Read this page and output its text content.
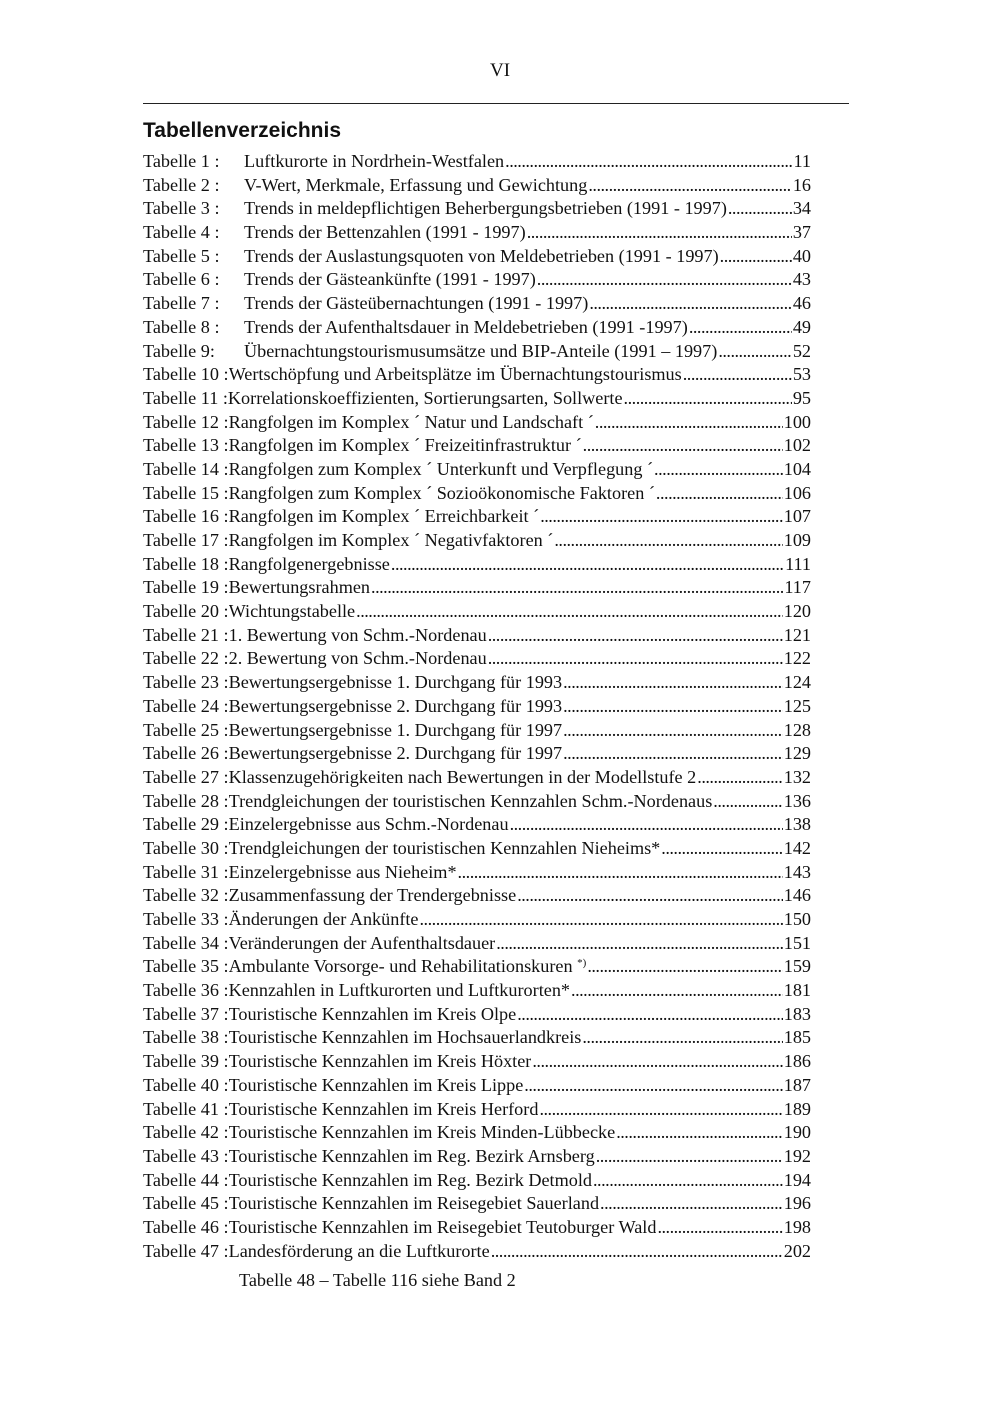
VI
Tabellenverzeichnis
Tabelle 1 :	Luftkurorte in Nordrhein-Westfalen .....	11
Tabelle 2 :	V-Wert, Merkmale, Erfassung und Gewichtung .....	16
Tabelle 3 :	Trends in meldepflichtigen Beherbergungsbetrieben (1991 - 1997) .....	34
Tabelle 4 :	Trends der Bettenzahlen (1991 - 1997) .....	37
Tabelle 5 :	Trends der Auslastungsquoten von Meldebetrieben (1991 - 1997) .....	40
Tabelle 6 :	Trends der Gästeankünfte (1991 - 1997) .....	43
Tabelle 7 :	Trends der Gästeübernachtungen (1991 - 1997) .....	46
Tabelle 8 :	Trends der Aufenthaltsdauer in Meldebetrieben (1991 -1997) .....	49
Tabelle 9:	Übernachtungstourismusumsätze und BIP-Anteile (1991 – 1997) .....	52
Tabelle 10 : Wertschöpfung und Arbeitsplätze im Übernachtungstourismus .....	53
Tabelle 11 : Korrelationskoeffizienten, Sortierungsarten, Sollwerte .....	95
Tabelle 12 : Rangfolgen im Komplex ´ Natur und Landschaft ´ .....	100
Tabelle 13 : Rangfolgen im Komplex ´ Freizeitinfrastruktur ´ .....	102
Tabelle 14 : Rangfolgen zum Komplex ´ Unterkunft und Verpflegung ´ .....	104
Tabelle 15 : Rangfolgen zum Komplex ´ Sozioökonomische Faktoren ´ .....	106
Tabelle 16 : Rangfolgen im Komplex ´ Erreichbarkeit ´ .....	107
Tabelle 17 : Rangfolgen im Komplex ´ Negativfaktoren ´ .....	109
Tabelle 18 : Rangfolgenergebnisse .....	111
Tabelle 19 : Bewertungsrahmen .....	117
Tabelle 20 : Wichtungstabelle .....	120
Tabelle 21 : 1. Bewertung von Schm.-Nordenau .....	121
Tabelle 22 : 2. Bewertung von Schm.-Nordenau .....	122
Tabelle 23 : Bewertungsergebnisse 1. Durchgang für 1993 .....	124
Tabelle 24 : Bewertungsergebnisse 2. Durchgang für 1993 .....	125
Tabelle 25 : Bewertungsergebnisse 1. Durchgang für 1997 .....	128
Tabelle 26 : Bewertungsergebnisse 2. Durchgang für 1997 .....	129
Tabelle 27 : Klassenzugehörigkeiten nach Bewertungen in der Modellstufe 2 .....	132
Tabelle 28 : Trendgleichungen der touristischen Kennzahlen Schm.-Nordenaus .....	136
Tabelle 29 : Einzelergebnisse aus Schm.-Nordenau .....	138
Tabelle 30 : Trendgleichungen der touristischen Kennzahlen Nieheims* .....	142
Tabelle 31 : Einzelergebnisse aus Nieheim* .....	143
Tabelle 32 : Zusammenfassung der Trendergebnisse .....	146
Tabelle 33 : Änderungen der Ankünfte .....	150
Tabelle 34 : Veränderungen der Aufenthaltsdauer .....	151
Tabelle 35 : Ambulante Vorsorge- und Rehabilitationskuren *) .....	159
Tabelle 36 : Kennzahlen in Luftkurorten und Luftkurorten* .....	181
Tabelle 37 : Touristische Kennzahlen im Kreis Olpe .....	183
Tabelle 38 : Touristische Kennzahlen im Hochsauerlandkreis .....	185
Tabelle 39 : Touristische Kennzahlen im Kreis Höxter .....	186
Tabelle 40 : Touristische Kennzahlen im Kreis Lippe .....	187
Tabelle 41 : Touristische Kennzahlen im Kreis Herford .....	189
Tabelle 42 : Touristische Kennzahlen im Kreis Minden-Lübbecke .....	190
Tabelle 43 : Touristische Kennzahlen im Reg. Bezirk Arnsberg .....	192
Tabelle 44 : Touristische Kennzahlen im Reg. Bezirk Detmold .....	194
Tabelle 45 : Touristische Kennzahlen im Reisegebiet Sauerland .....	196
Tabelle 46 : Touristische Kennzahlen im Reisegebiet Teutoburger Wald .....	198
Tabelle 47 : Landesförderung an die Luftkurorte .....	202
Tabelle 48 – Tabelle 116 siehe Band 2
